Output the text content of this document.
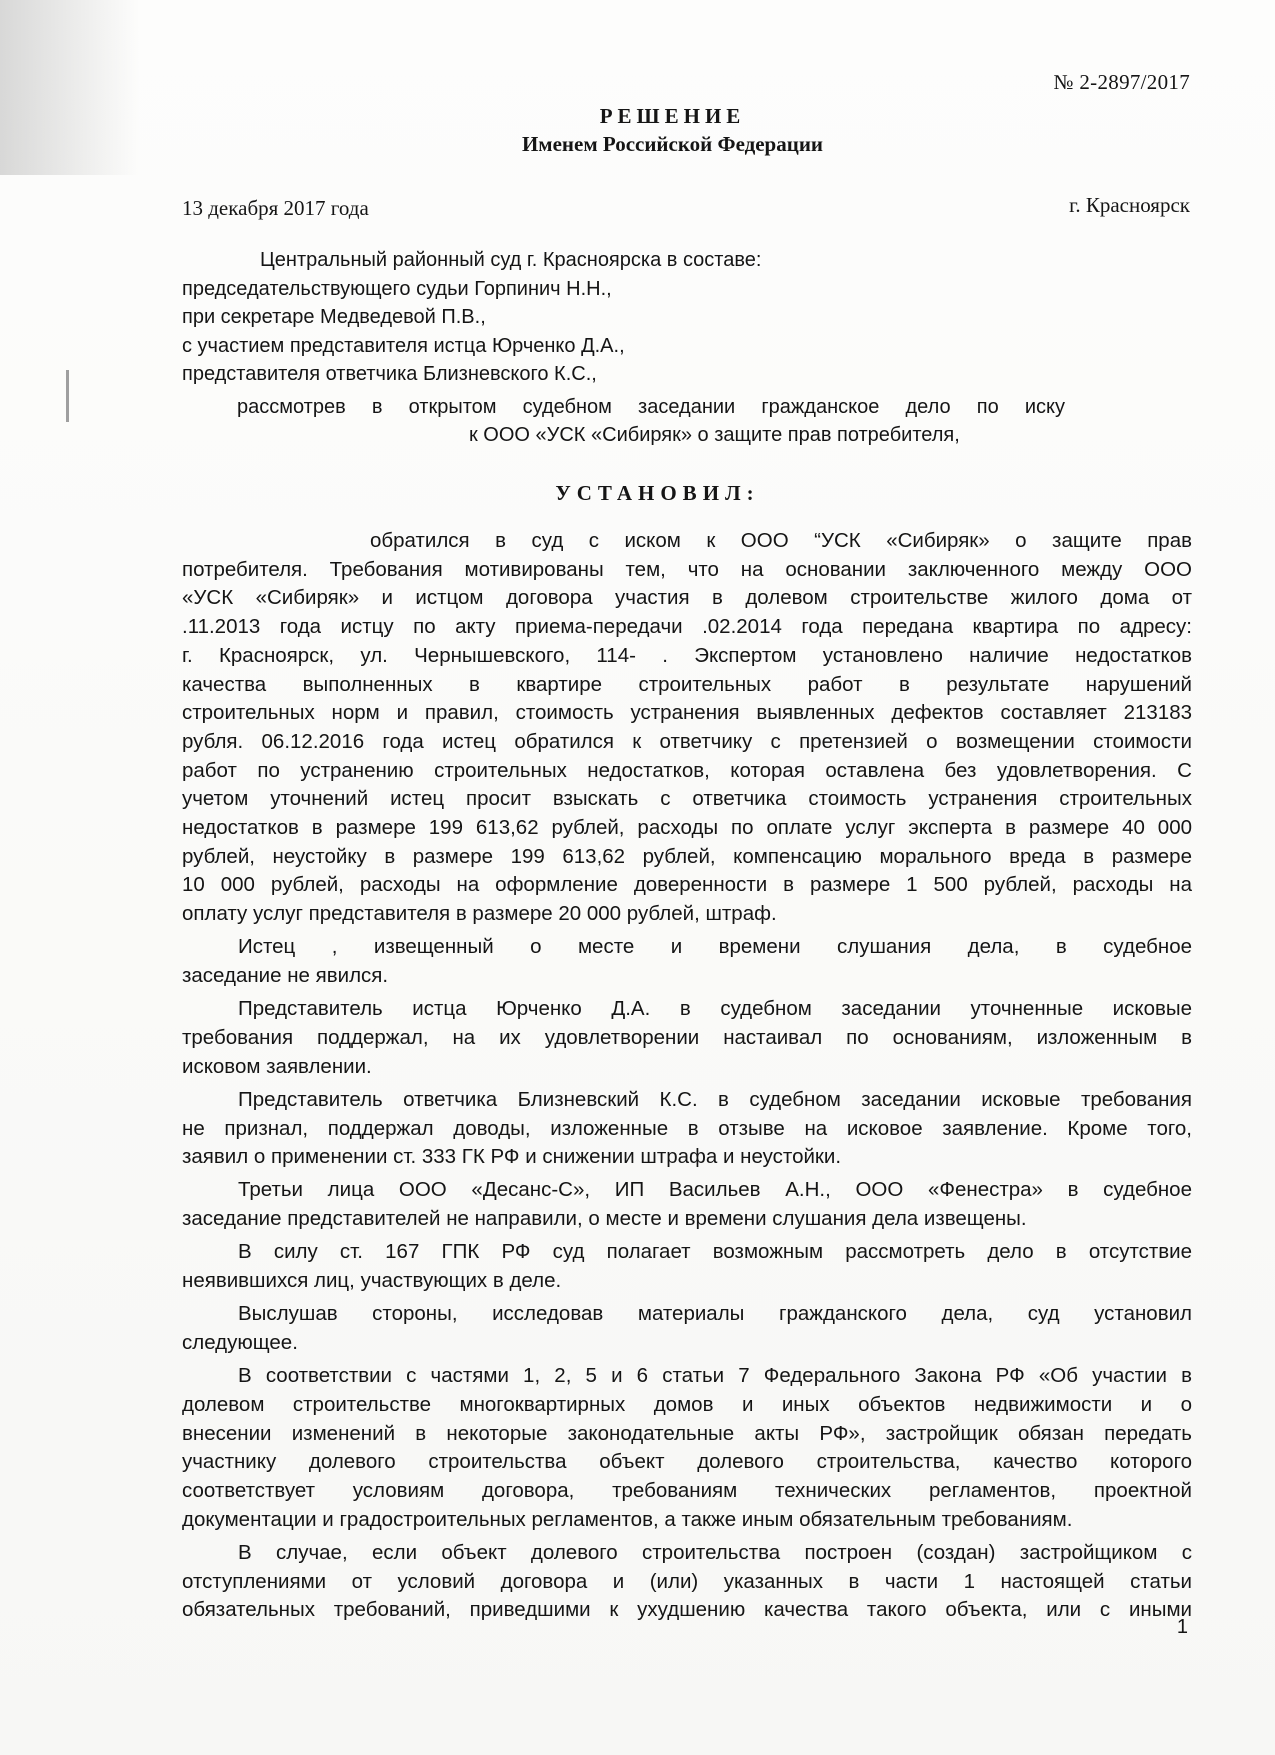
№ 2-2897/2017
РЕШЕНИЕ
Именем Российской Федерации
13 декабря 2017 года	г. Красноярск
Центральный районный суд г. Красноярска в составе:
председательствующего судьи Горпинич Н.Н.,
при секретаре Медведевой П.В.,
с участием представителя истца Юрченко Д.А.,
представителя ответчика Близневского К.С.,
рассмотрев в открытом судебном заседании гражданское дело по иску
к ООО «УСК «Сибиряк» о защите прав потребителя,
УСТАНОВИЛ:
обратился в суд с иском к ООО “УСК «Сибиряк» о защите прав
потребителя. Требования мотивированы тем, что на основании заключенного между ООО
«УСК «Сибиряк» и истцом договора участия в долевом строительстве жилого дома от
.11.2013 года истцу по акту приема-передачи .02.2014 года передана квартира по адресу:
г. Красноярск, ул. Чернышевского, 114- . Экспертом установлено наличие недостатков
качества выполненных в квартире строительных работ в результате нарушений
строительных норм и правил, стоимость устранения выявленных дефектов составляет 213183
рубля. 06.12.2016 года истец обратился к ответчику с претензией о возмещении стоимости
работ по устранению строительных недостатков, которая оставлена без удовлетворения. С
учетом уточнений истец просит взыскать с ответчика стоимость устранения строительных
недостатков в размере 199 613,62 рублей, расходы по оплате услуг эксперта в размере 40 000
рублей, неустойку в размере 199 613,62 рублей, компенсацию морального вреда в размере
10 000 рублей, расходы на оформление доверенности в размере 1 500 рублей, расходы на
оплату услуг представителя в размере 20 000 рублей, штраф.
Истец , извещенный о месте и времени слушания дела, в судебное
заседание не явился.
Представитель истца Юрченко Д.А. в судебном заседании уточненные исковые
требования поддержал, на их удовлетворении настаивал по основаниям, изложенным в
исковом заявлении.
Представитель ответчика Близневский К.С. в судебном заседании исковые требования
не признал, поддержал доводы, изложенные в отзыве на исковое заявление. Кроме того,
заявил о применении ст. 333 ГК РФ и снижении штрафа и неустойки.
Третьи лица ООО «Десанс-С», ИП Васильев А.Н., ООО «Фенестра» в судебное
заседание представителей не направили, о месте и времени слушания дела извещены.
В силу ст. 167 ГПК РФ суд полагает возможным рассмотреть дело в отсутствие
неявившихся лиц, участвующих в деле.
Выслушав стороны, исследовав материалы гражданского дела, суд установил
следующее.
В соответствии с частями 1, 2, 5 и 6 статьи 7 Федерального Закона РФ «Об участии в
долевом строительстве многоквартирных домов и иных объектов недвижимости и о
внесении изменений в некоторые законодательные акты РФ», застройщик обязан передать
участнику долевого строительства объект долевого строительства, качество которого
соответствует условиям договора, требованиям технических регламентов, проектной
документации и градостроительных регламентов, а также иным обязательным требованиям.
В случае, если объект долевого строительства построен (создан) застройщиком с
отступлениями от условий договора и (или) указанных в части 1 настоящей статьи
обязательных требований, приведшими к ухудшению качества такого объекта, или с иными
1
